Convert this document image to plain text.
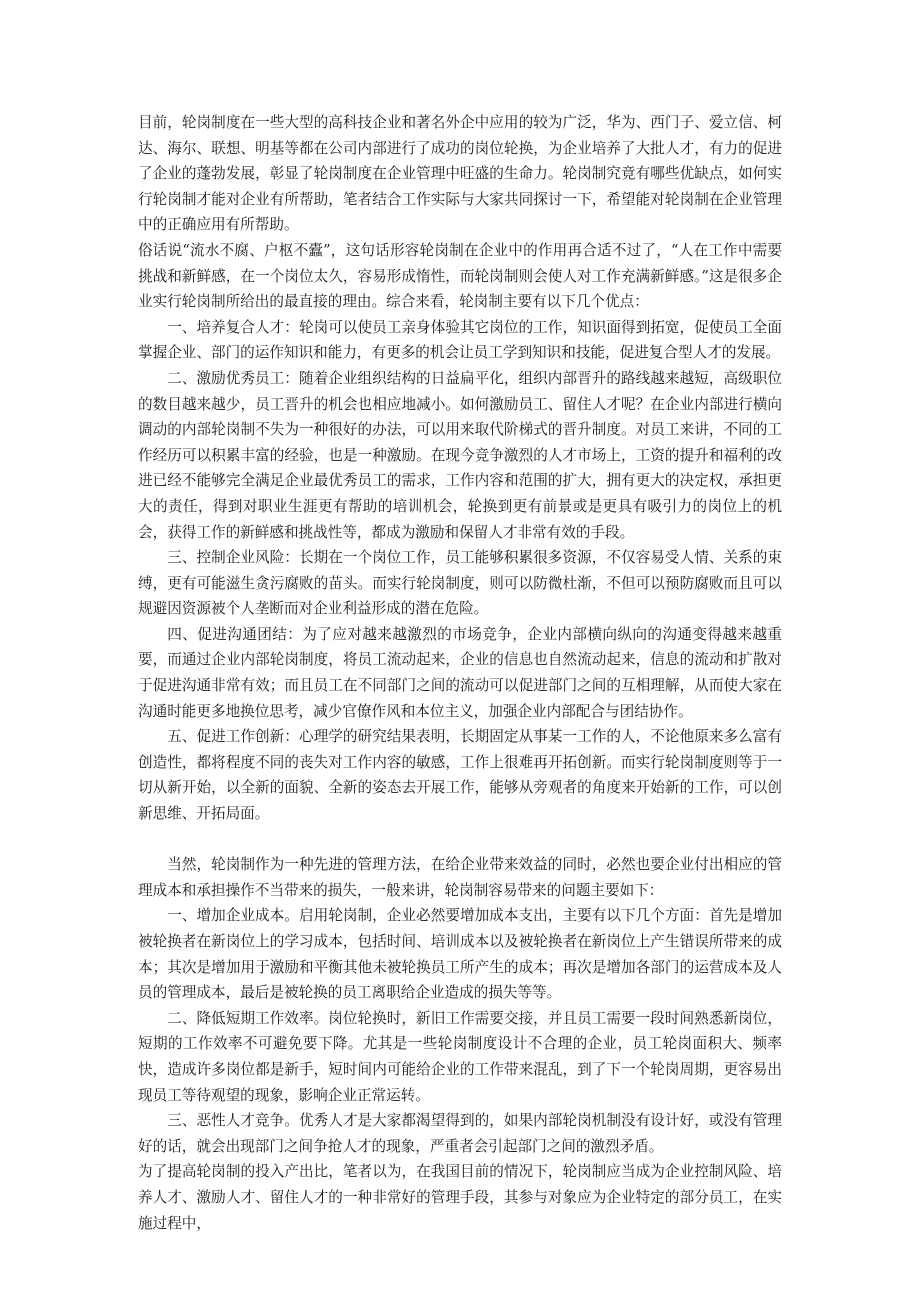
目前，轮岗制度在一些大型的高科技企业和著名外企中应用的较为广泛，华为、西门子、爱立信、柯达、海尔、联想、明基等都在公司内部进行了成功的岗位轮换，为企业培养了大批人才，有力的促进了企业的蓬勃发展，彰显了轮岗制度在企业管理中旺盛的生命力。轮岗制究竟有哪些优缺点，如何实行轮岗制才能对企业有所帮助，笔者结合工作实际与大家共同探讨一下，希望能对轮岗制在企业管理中的正确应用有所帮助。

俗话说“流水不腐、户枢不蠹”，这句话形容轮岗制在企业中的作用再合适不过了，“人在工作中需要挑战和新鲜感，在一个岗位太久，容易形成惰性，而轮岗制则会使人对工作充满新鲜感。”这是很多企业实行轮岗制所给出的最直接的理由。综合来看，轮岗制主要有以下几个优点：

一、培养复合人才：轮岗可以使员工亲身体验其它岗位的工作，知识面得到拓宽，促使员工全面掌握企业、部门的运作知识和能力，有更多的机会让员工学到知识和技能，促进复合型人才的发展。

二、激励优秀员工：随着企业组织结构的日益扁平化，组织内部晋升的路线越来越短，高级职位的数目越来越少，员工晋升的机会也相应地减小。如何激励员工、留住人才呢？在企业内部进行横向调动的内部轮岗制不失为一种很好的办法，可以用来取代阶梯式的晋升制度。对员工来讲，不同的工作经历可以积累丰富的经验，也是一种激励。在现今竞争激烈的人才市场上，工资的提升和福利的改进已经不能够完全满足企业最优秀员工的需求，工作内容和范围的扩大，拥有更大的决定权，承担更大的责任，得到对职业生涯更有帮助的培训机会，轮换到更有前景或是更具有吸引力的岗位上的机会，获得工作的新鲜感和挑战性等，都成为激励和保留人才非常有效的手段。

三、控制企业风险：长期在一个岗位工作，员工能够积累很多资源，不仅容易受人情、关系的束缚，更有可能滋生贪污腐败的苗头。而实行轮岗制度，则可以防微杜渐，不但可以预防腐败而且可以规避因资源被个人垄断而对企业利益形成的潜在危险。

四、促进沟通团结：为了应对越来越激烈的市场竞争，企业内部横向纵向的沟通变得越来越重要，而通过企业内部轮岗制度，将员工流动起来，企业的信息也自然流动起来，信息的流动和扩散对于促进沟通非常有效；而且员工在不同部门之间的流动可以促进部门之间的互相理解，从而使大家在沟通时能更多地换位思考，减少官僚作风和本位主义，加强企业内部配合与团结协作。

五、促进工作创新：心理学的研究结果表明，长期固定从事某一工作的人，不论他原来多么富有创造性，都将程度不同的丧失对工作内容的敏感，工作上很难再开拓创新。而实行轮岗制度则等于一切从新开始，以全新的面貌、全新的姿态去开展工作，能够从旁观者的角度来开始新的工作，可以创新思维、开拓局面。

当然，轮岗制作为一种先进的管理方法，在给企业带来效益的同时，必然也要企业付出相应的管理成本和承担操作不当带来的损失，一般来讲，轮岗制容易带来的问题主要如下：

一、增加企业成本。启用轮岗制，企业必然要增加成本支出，主要有以下几个方面：首先是增加被轮换者在新岗位上的学习成本，包括时间、培训成本以及被轮换者在新岗位上产生错误所带来的成本；其次是增加用于激励和平衡其他未被轮换员工所产生的成本；再次是增加各部门的运营成本及人员的管理成本，最后是被轮换的员工离职给企业造成的损失等等。

二、降低短期工作效率。岗位轮换时，新旧工作需要交接，并且员工需要一段时间熟悉新岗位，短期的工作效率不可避免要下降。尤其是一些轮岗制度设计不合理的企业，员工轮岗面积大、频率快，造成许多岗位都是新手，短时间内可能给企业的工作带来混乱，到了下一个轮岗周期，更容易出现员工等待观望的现象，影响企业正常运转。

三、恶性人才竞争。优秀人才是大家都渴望得到的，如果内部轮岗机制没有设计好，或没有管理好的话，就会出现部门之间争抢人才的现象，严重者会引起部门之间的激烈矛盾。

为了提高轮岗制的投入产出比，笔者以为，在我国目前的情况下，轮岗制应当成为企业控制风险、培养人才、激励人才、留住人才的一种非常好的管理手段，其参与对象应为企业特定的部分员工，在实施过程中，
